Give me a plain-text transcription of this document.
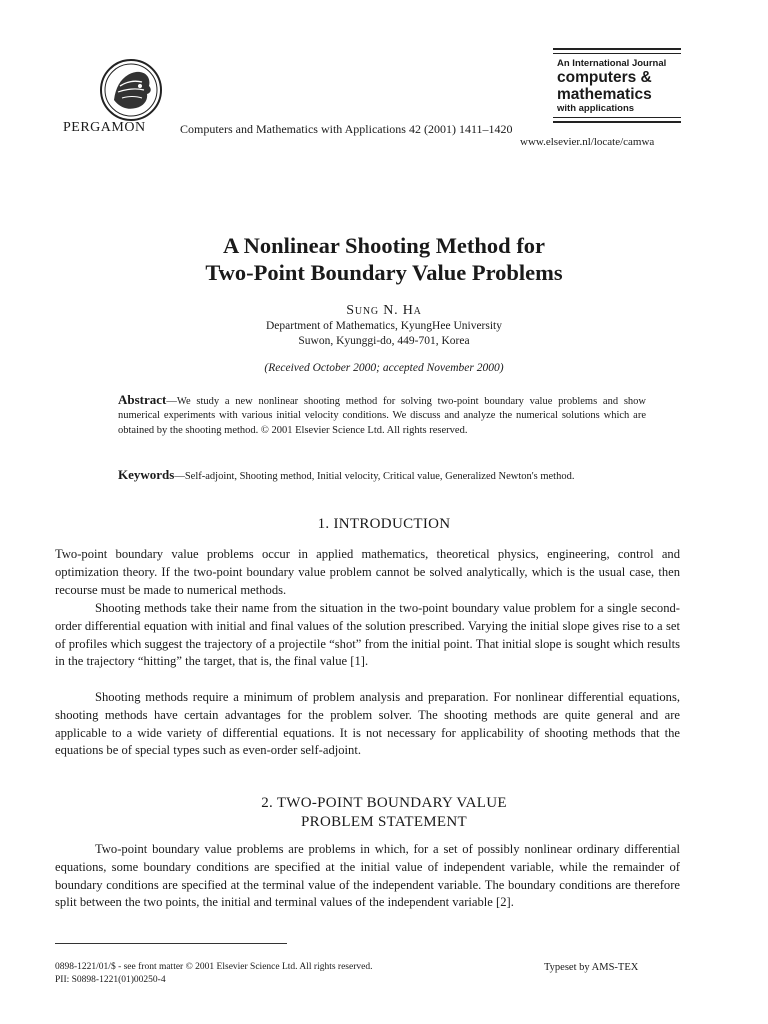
PERGAMON	Computers and Mathematics with Applications 42 (2001) 1411–1420
www.elsevier.nl/locate/camwa
An International Journal
computers &
mathematics
with applications
A Nonlinear Shooting Method for
Two-Point Boundary Value Problems
Sung N. Ha
Department of Mathematics, KyungHee University
Suwon, Kyunggi-do, 449-701, Korea
(Received October 2000; accepted November 2000)
Abstract—We study a new nonlinear shooting method for solving two-point boundary value problems and show numerical experiments with various initial velocity conditions. We discuss and analyze the numerical solutions which are obtained by the shooting method. © 2001 Elsevier Science Ltd. All rights reserved.
Keywords—Self-adjoint, Shooting method, Initial velocity, Critical value, Generalized Newton's method.
1. INTRODUCTION

Two-point boundary value problems occur in applied mathematics, theoretical physics, engineering, control and optimization theory. If the two-point boundary value problem cannot be solved analytically, which is the usual case, then recourse must be made to numerical methods.

Shooting methods take their name from the situation in the two-point boundary value problem for a single second-order differential equation with initial and final values of the solution prescribed. Varying the initial slope gives rise to a set of profiles which suggest the trajectory of a projectile “shot” from the initial point. That initial slope is sought which results in the trajectory “hitting” the target, that is, the final value [1].

Shooting methods require a minimum of problem analysis and preparation. For nonlinear differential equations, shooting methods have certain advantages for the problem solver. The shooting methods are quite general and are applicable to a wide variety of differential equations. It is not necessary for applicability of shooting methods that the equations be of special types such as even-order self-adjoint.

2. TWO-POINT BOUNDARY VALUE
PROBLEM STATEMENT

Two-point boundary value problems are problems in which, for a set of possibly nonlinear ordinary differential equations, some boundary conditions are specified at the initial value of independent variable, while the remainder of boundary conditions are specified at the terminal value of the independent variable. The boundary conditions are therefore split between the two points, the initial and terminal values of the independent variable [2].

0898-1221/01/$ - see front matter © 2001 Elsevier Science Ltd. All rights reserved.
PII: S0898-1221(01)00250-4
Typeset by AMS-TEX
